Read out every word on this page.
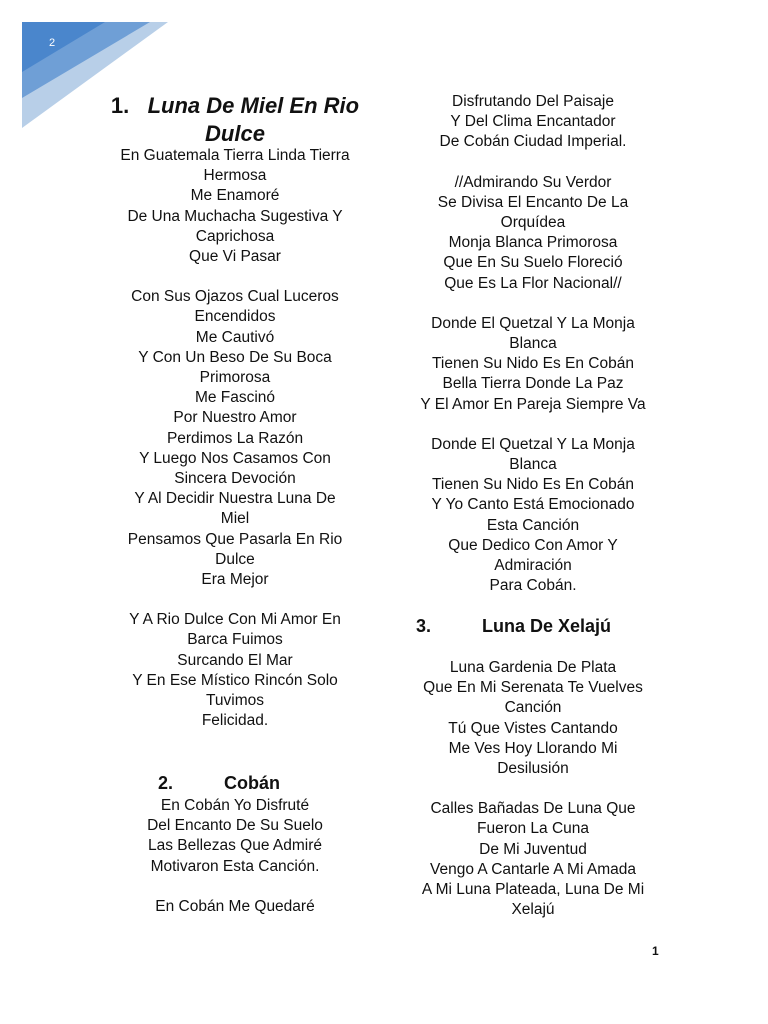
2
1. Luna De Miel En Rio Dulce
En Guatemala Tierra Linda Tierra
Hermosa
Me Enamoré
De Una Muchacha Sugestiva Y
Caprichosa
Que Vi Pasar
Con Sus Ojazos Cual Luceros
Encendidos
Me Cautivó
Y Con Un Beso De Su Boca
Primorosa
Me Fascinó
Por Nuestro Amor
Perdimos La Razón
Y Luego Nos Casamos Con
Sincera Devoción
Y Al Decidir Nuestra Luna De
Miel
Pensamos Que Pasarla En Rio
Dulce
Era Mejor
Y A Rio Dulce Con Mi Amor En
Barca Fuimos
Surcando El Mar
Y En Ese Místico Rincón Solo
Tuvimos
Felicidad.
2.	Cobán
En Cobán Yo Disfruté
Del Encanto De Su Suelo
Las Bellezas Que Admiré
Motivaron Esta Canción.
En Cobán Me Quedaré
Disfrutando Del Paisaje
Y Del Clima Encantador
De Cobán Ciudad Imperial.
//Admirando Su Verdor
Se Divisa El Encanto De La
Orquídea
Monja Blanca Primorosa
Que En Su Suelo Floreció
Que Es La Flor Nacional//
Donde El Quetzal Y La Monja
Blanca
Tienen Su Nido Es En Cobán
Bella Tierra Donde La Paz
Y El Amor En Pareja Siempre Va
Donde El Quetzal Y La Monja
Blanca
Tienen Su Nido Es En Cobán
Y Yo Canto Está Emocionado
Esta Canción
Que Dedico Con Amor Y
Admiración
Para Cobán.
3.	Luna De Xelajú
Luna Gardenia De Plata
Que En Mi Serenata Te Vuelves
Canción
Tú Que Vistes Cantando
Me Ves Hoy Llorando Mi
Desilusión
Calles Bañadas De Luna Que
Fueron La Cuna
De Mi Juventud
Vengo A Cantarle A Mi Amada
A Mi Luna Plateada, Luna De Mi
Xelajú
1
